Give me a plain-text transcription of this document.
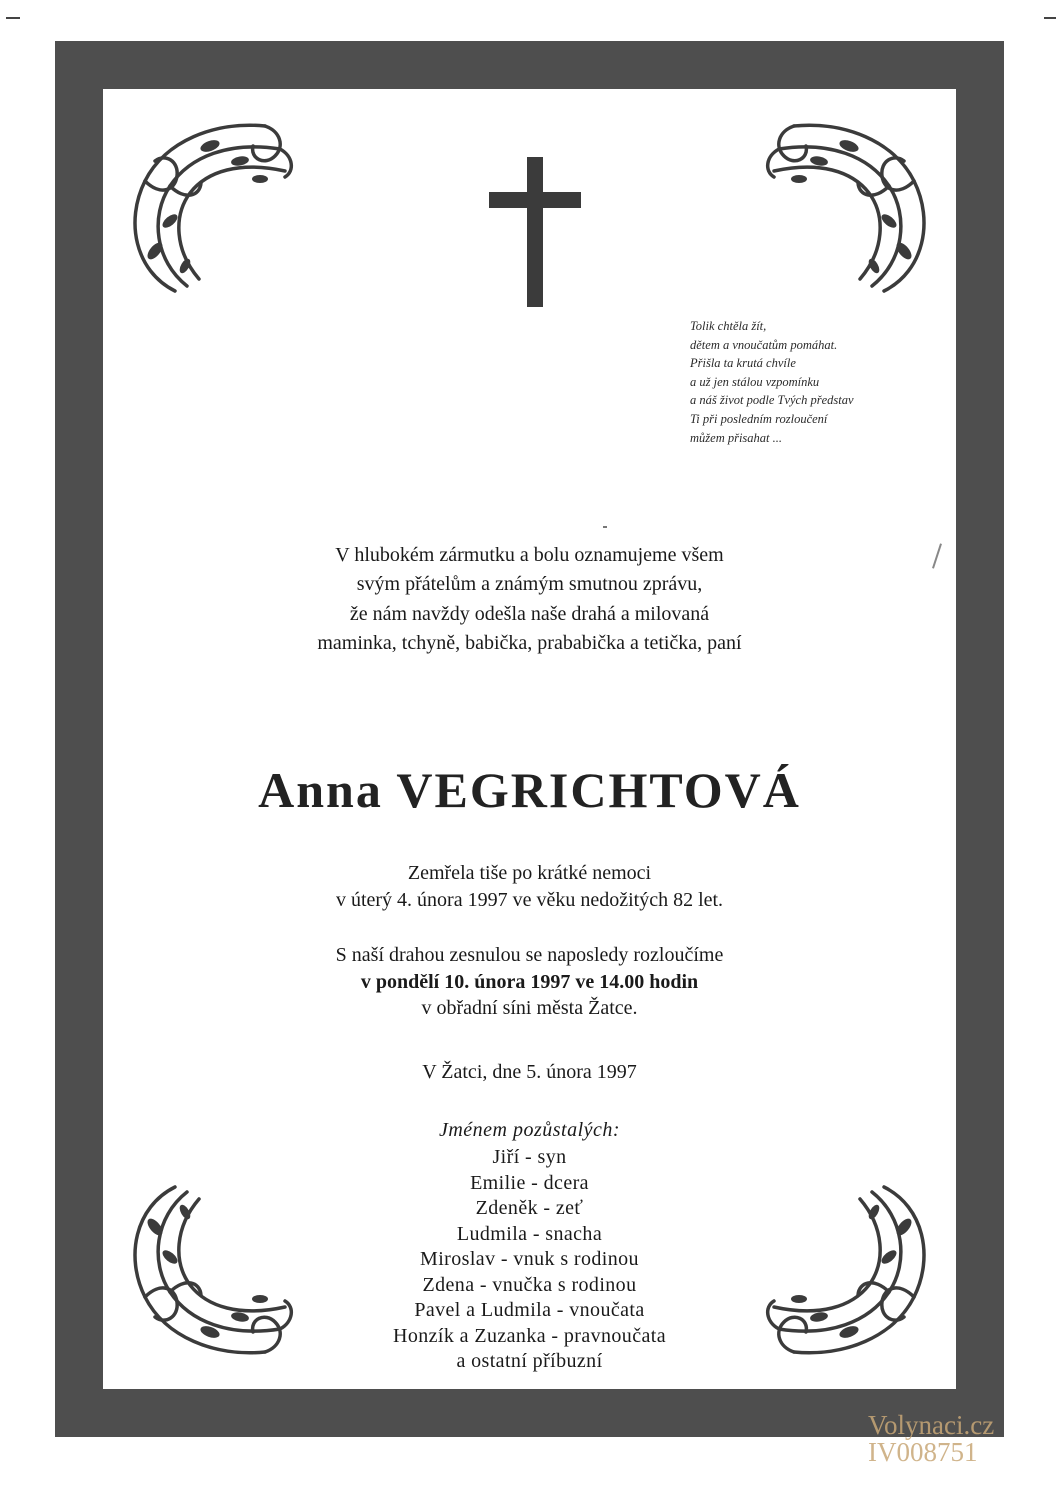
Tolik chtěla žít,
dětem a vnoučatům pomáhat.
Přišla ta krutá chvíle
a už jen stálou vzpomínku
a náš život podle Tvých představ
Ti při posledním rozloučení
můžem přisahat ...
V hlubokém zármutku a bolu oznamujeme všem
svým přátelům a známým smutnou zprávu,
že nám navždy odešla naše drahá a milovaná
maminka, tchyně, babička, prababička a tetička, paní
Anna VEGRICHTOVÁ
Zemřela tiše po krátké nemoci
v úterý 4. února 1997 ve věku nedožitých 82 let.
S naší drahou zesnulou se naposledy rozloučíme
v pondělí 10. února 1997 ve 14.00 hodin
v obřadní síni města Žatce.
V Žatci, dne 5. února 1997
Jménem pozůstalých:
Jiří - syn
Emilie - dcera
Zdeněk - zeť
Ludmila - snacha
Miroslav - vnuk s rodinou
Zdena - vnučka s rodinou
Pavel a Ludmila - vnoučata
Honzík a Zuzanka - pravnoučata
a ostatní příbuzní
Volynaci.cz
IV008751
